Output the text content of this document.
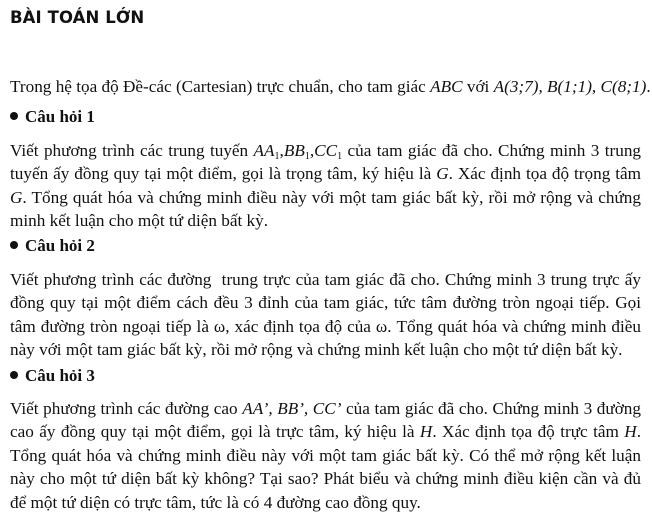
BÀI TOÁN LỚN
Trong hệ tọa độ Đề-các (Cartesian) trực chuẩn, cho tam giác ABC với A(3;7), B(1;1), C(8;1).
Câu hỏi 1
Viết phương trình các trung tuyến $AA_1,BB_1,CC_1$ của tam giác đã cho. Chứng minh 3 trung tuyến ấy đồng quy tại một điểm, gọi là trọng tâm, ký hiệu là G. Xác định tọa độ trọng tâm G. Tổng quát hóa và chứng minh điều này với một tam giác bất kỳ, rồi mở rộng và chứng minh kết luận cho một tứ diện bất kỳ.
Câu hỏi 2
Viết phương trình các đường  trung trực của tam giác đã cho. Chứng minh 3 trung trực ấy đồng quy tại một điểm cách đều 3 đỉnh của tam giác, tức tâm đường tròn ngoại tiếp. Gọi tâm đường tròn ngoại tiếp là ω, xác định tọa độ của ω. Tổng quát hóa và chứng minh điều này với một tam giác bất kỳ, rồi mở rộng và chứng minh kết luận cho một tứ diện bất kỳ.
Câu hỏi 3
Viết phương trình các đường cao AA’, BB’, CC’ của tam giác đã cho. Chứng minh 3 đường cao ấy đồng quy tại một điểm, gọi là trực tâm, ký hiệu là H. Xác định tọa độ trực tâm H. Tổng quát hóa và chứng minh điều này với một tam giác bất kỳ. Có thể mở rộng kết luận này cho một tứ diện bất kỳ không? Tại sao? Phát biểu và chứng minh điều kiện cần và đủ để một tứ diện có trực tâm, tức là có 4 đường cao đồng quy.
